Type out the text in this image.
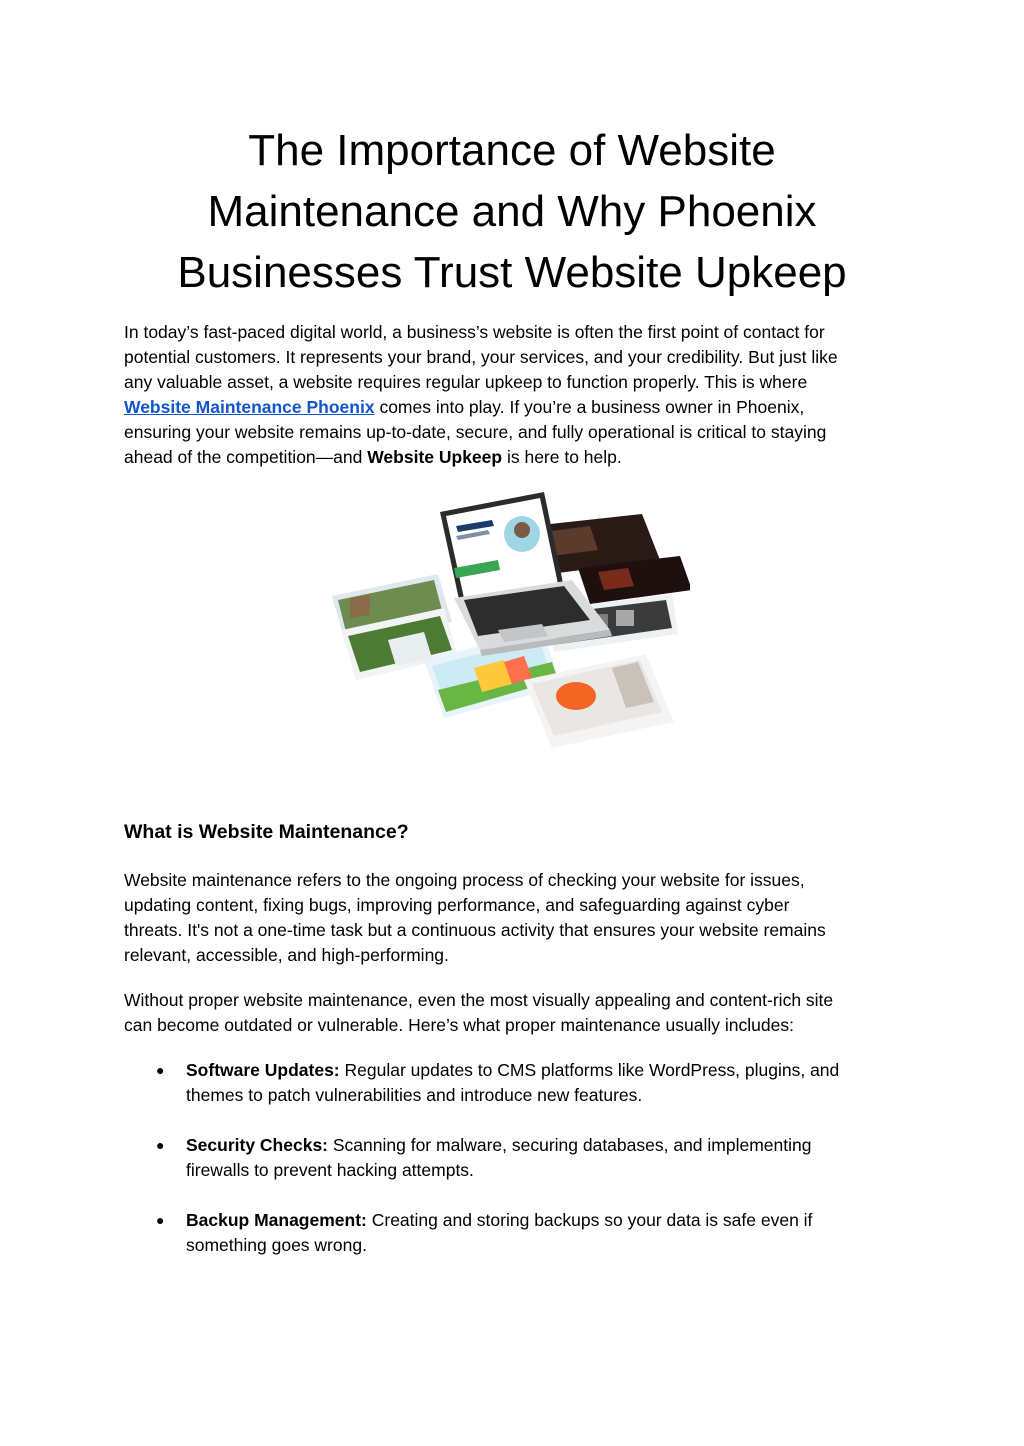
The Importance of Website
Maintenance and Why Phoenix
Businesses Trust Website Upkeep

In today’s fast-paced digital world, a business’s website is often the first point of contact for
potential customers. It represents your brand, your services, and your credibility. But just like
any valuable asset, a website requires regular upkeep to function properly. This is where
Website Maintenance Phoenix comes into play. If you’re a business owner in Phoenix,
ensuring your website remains up-to-date, secure, and fully operational is critical to staying
ahead of the competition—and Website Upkeep is here to help.

What is Website Maintenance?

Website maintenance refers to the ongoing process of checking your website for issues,
updating content, fixing bugs, improving performance, and safeguarding against cyber
threats. It's not a one-time task but a continuous activity that ensures your website remains
relevant, accessible, and high-performing.

Without proper website maintenance, even the most visually appealing and content-rich site
can become outdated or vulnerable. Here’s what proper maintenance usually includes:

● Software Updates: Regular updates to CMS platforms like WordPress, plugins, and
themes to patch vulnerabilities and introduce new features.
● Security Checks: Scanning for malware, securing databases, and implementing
firewalls to prevent hacking attempts.
● Backup Management: Creating and storing backups so your data is safe even if
something goes wrong.
